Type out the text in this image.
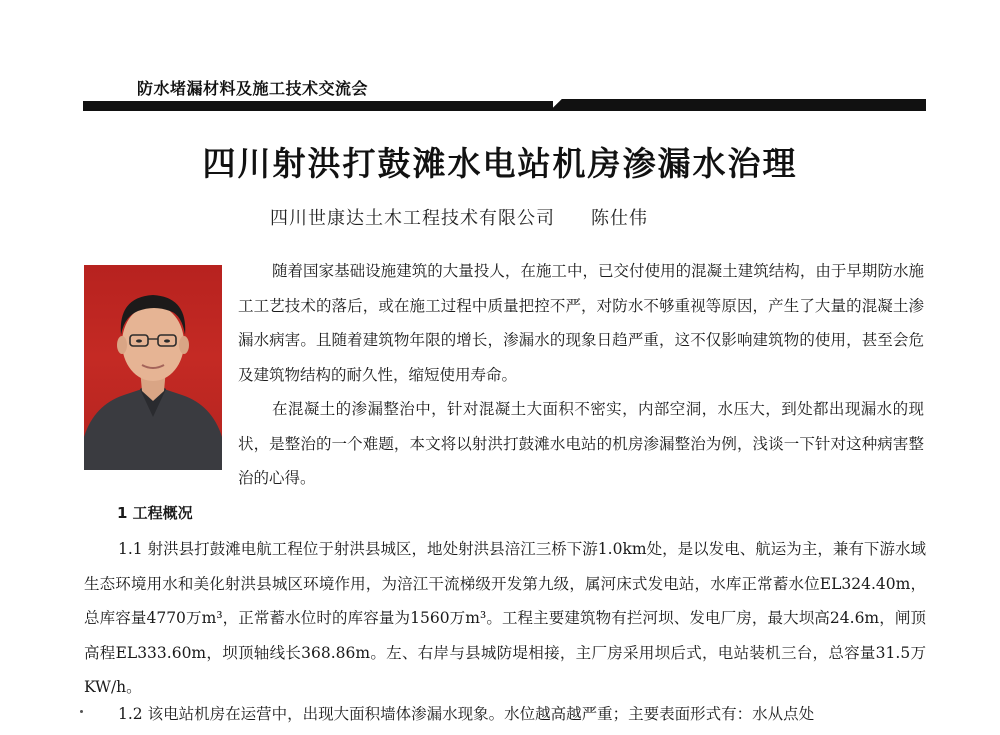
防水堵漏材料及施工技术交流会
四川射洪打鼓滩水电站机房渗漏水治理
四川世康达土木工程技术有限公司 陈仕伟
随着国家基础设施建筑的大量投人，在施工中，已交付使用的混凝土建筑结构，由于早期防水施工工艺技术的落后，或在施工过程中质量把控不严，对防水不够重视等原因，产生了大量的混凝土渗漏水病害。且随着建筑物年限的增长，渗漏水的现象日趋严重，这不仅影响建筑物的使用，甚至会危及建筑物结构的耐久性，缩短使用寿命。
在混凝土的渗漏整治中，针对混凝土大面积不密实，内部空洞，水压大，到处都出现漏水的现状，是整治的一个难题，本文将以射洪打鼓滩水电站的机房渗漏整治为例，浅谈一下针对这种病害整治的心得。
1 工程概况
1.1 射洪县打鼓滩电航工程位于射洪县城区，地处射洪县涪江三桥下游1.0km处，是以发电、航运为主，兼有下游水域生态环境用水和美化射洪县城区环境作用，为涪江干流梯级开发第九级，属河床式发电站，水库正常蓄水位EL324.40m，总库容量4770万m³，正常蓄水位时的库容量为1560万m³。工程主要建筑物有拦河坝、发电厂房，最大坝高24.6m，闸顶高程EL333.60m，坝顶轴线长368.86m。左、右岸与县城防堤相接，主厂房采用坝后式，电站装机三台，总容量31.5万KW/h。
1.2 该电站机房在运营中，出现大面积墙体渗漏水现象。水位越高越严重；主要表面形式有：水从点处
